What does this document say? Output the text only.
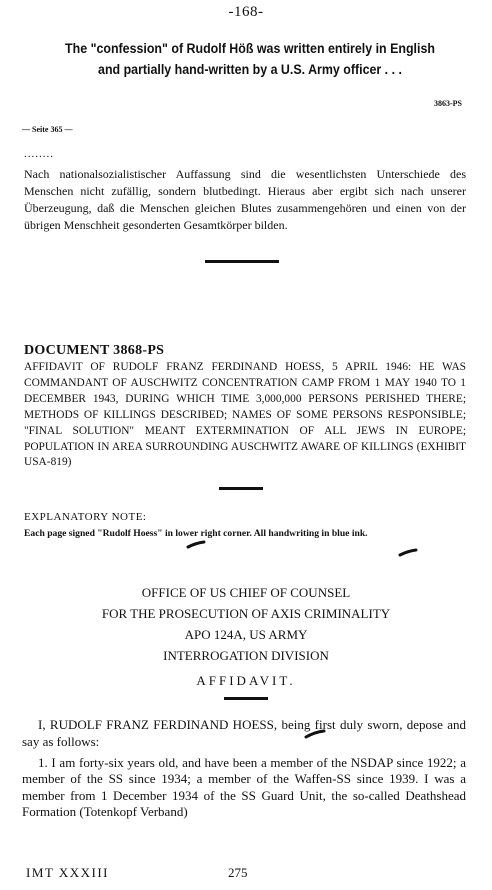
-168-
The "confession" of Rudolf Höß was written entirely in English
and partially hand-written by a U.S. Army officer . . .
3863-PS
— Seite 365 —
........
Nach nationalsozialistischer Auffassung sind die wesentlichsten Unterschiede des Menschen nicht zufällig, sondern blutbedingt. Hieraus aber ergibt sich nach unserer Überzeugung, daß die Menschen gleichen Blutes zusammengehören und einen von der übrigen Menschheit gesonderten Gesamtkörper bilden.
DOCUMENT 3868-PS
AFFIDAVIT OF RUDOLF FRANZ FERDINAND HOESS, 5 APRIL 1946: HE WAS COMMANDANT OF AUSCHWITZ CONCENTRATION CAMP FROM 1 MAY 1940 TO 1 DECEMBER 1943, DURING WHICH TIME 3,000,000 PERSONS PERISHED THERE; METHODS OF KILLINGS DESCRIBED; NAMES OF SOME PERSONS RESPONSIBLE; "FINAL SOLUTION" MEANT EXTERMINATION OF ALL JEWS IN EUROPE; POPULATION IN AREA SURROUNDING AUSCHWITZ AWARE OF KILLINGS (EXHIBIT USA-819)
EXPLANATORY NOTE:
Each page signed "Rudolf Hoess" in lower right corner. All handwriting in blue ink.
OFFICE OF US CHIEF OF COUNSEL
FOR THE PROSECUTION OF AXIS CRIMINALITY
APO 124A, US ARMY
INTERROGATION DIVISION
AFFIDAVIT.
I, RUDOLF FRANZ FERDINAND HOESS, being first duly sworn, depose and say as follows:
1. I am forty-six years old, and have been a member of the NSDAP since 1922; a member of the SS since 1934; a member of the Waffen-SS since 1939. I was a member from 1 December 1934 of the SS Guard Unit, the so-called Deathshead Formation (Totenkopf Verband)
IMT XXXIII	275
